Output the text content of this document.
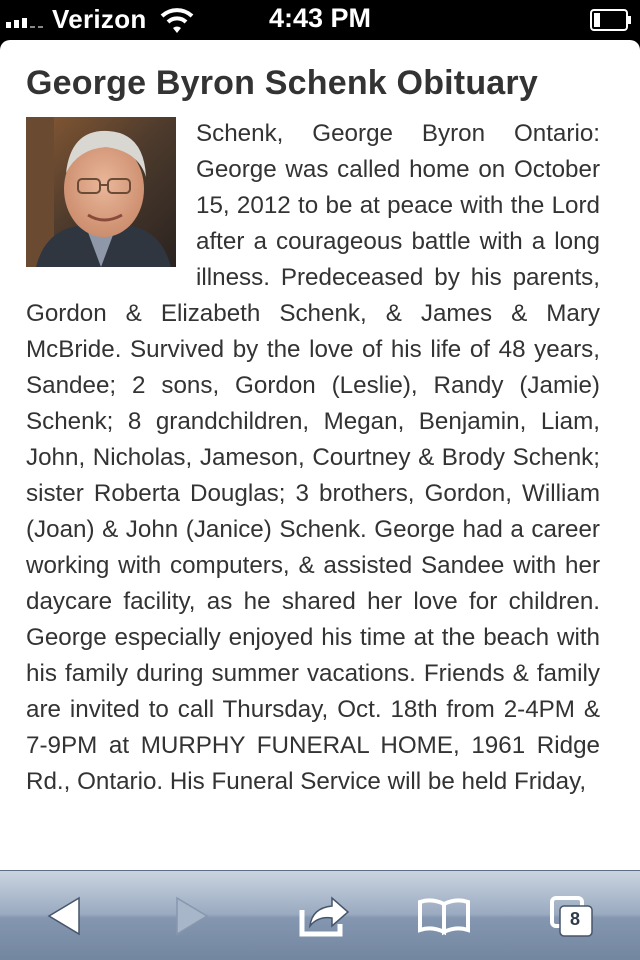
Verizon	4:43 PM
George Byron Schenk Obituary

Schenk, George Byron Ontario: George was called home on October 15, 2012 to be at peace with the Lord after a courageous battle with a long illness. Predeceased by his parents, Gordon & Elizabeth Schenk, & James & Mary McBride. Survived by the love of his life of 48 years, Sandee; 2 sons, Gordon (Leslie), Randy (Jamie) Schenk; 8 grandchildren, Megan, Benjamin, Liam, John, Nicholas, Jameson, Courtney & Brody Schenk; sister Roberta Douglas; 3 brothers, Gordon, William (Joan) & John (Janice) Schenk. George had a career working with computers, & assisted Sandee with her daycare facility, as he shared her love for children. George especially enjoyed his time at the beach with his family during summer vacations. Friends & family are invited to call Thursday, Oct. 18th from 2-4PM & 7-9PM at MURPHY FUNERAL HOME, 1961 Ridge Rd., Ontario. His Funeral Service will be held Friday,

8
